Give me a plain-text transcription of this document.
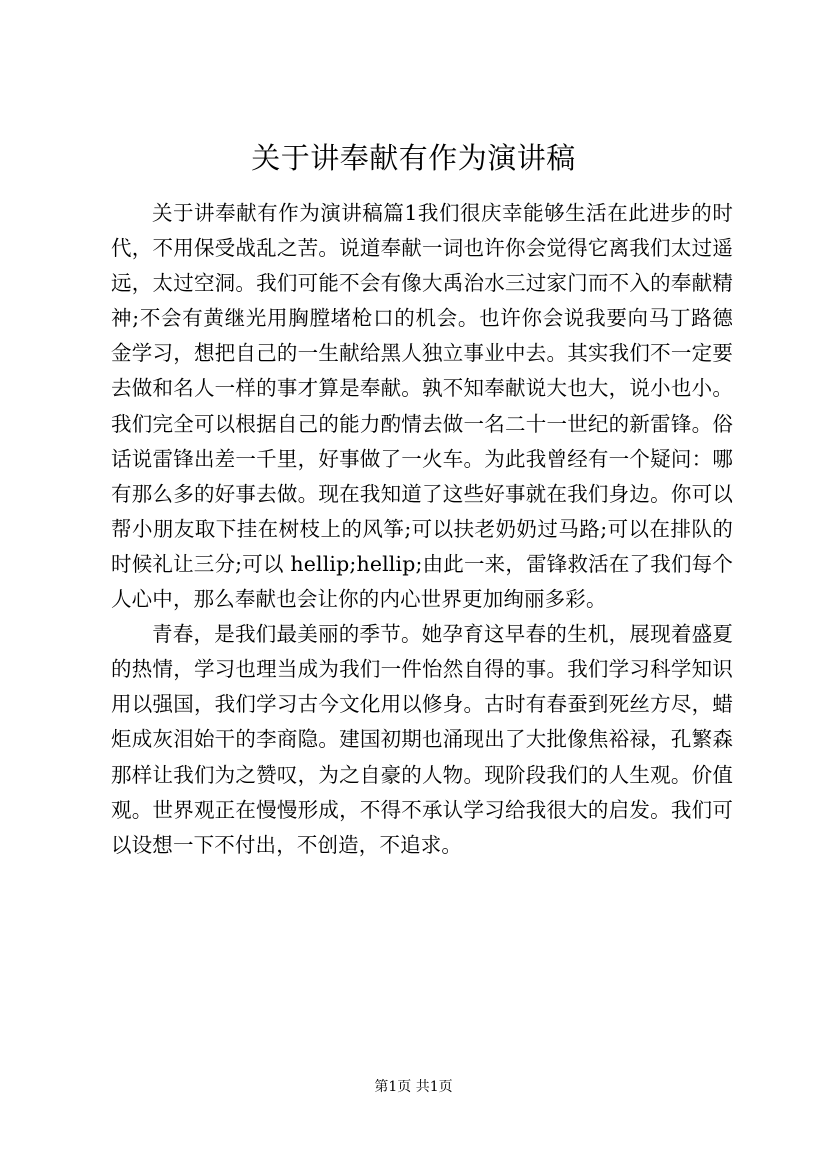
关于讲奉献有作为演讲稿

关于讲奉献有作为演讲稿篇1我们很庆幸能够生活在此进步的时代，不用保受战乱之苦。说道奉献一词也许你会觉得它离我们太过遥远，太过空洞。我们可能不会有像大禹治水三过家门而不入的奉献精神;不会有黄继光用胸膛堵枪口的机会。也许你会说我要向马丁路德金学习，想把自己的一生献给黑人独立事业中去。其实我们不一定要去做和名人一样的事才算是奉献。孰不知奉献说大也大，说小也小。我们完全可以根据自己的能力酌情去做一名二十一世纪的新雷锋。俗话说雷锋出差一千里，好事做了一火车。为此我曾经有一个疑问：哪有那么多的好事去做。现在我知道了这些好事就在我们身边。你可以帮小朋友取下挂在树枝上的风筝;可以扶老奶奶过马路;可以在排队的时候礼让三分;可以 hellip;hellip;由此一来，雷锋救活在了我们每个人心中，那么奉献也会让你的内心世界更加绚丽多彩。

青春，是我们最美丽的季节。她孕育这早春的生机，展现着盛夏的热情，学习也理当成为我们一件怡然自得的事。我们学习科学知识用以强国，我们学习古今文化用以修身。古时有春蚕到死丝方尽，蜡炬成灰泪始干的李商隐。建国初期也涌现出了大批像焦裕禄，孔繁森那样让我们为之赞叹，为之自豪的人物。现阶段我们的人生观。价值观。世界观正在慢慢形成，不得不承认学习给我很大的启发。我们可以设想一下不付出，不创造，不追求。

第1页 共1页
